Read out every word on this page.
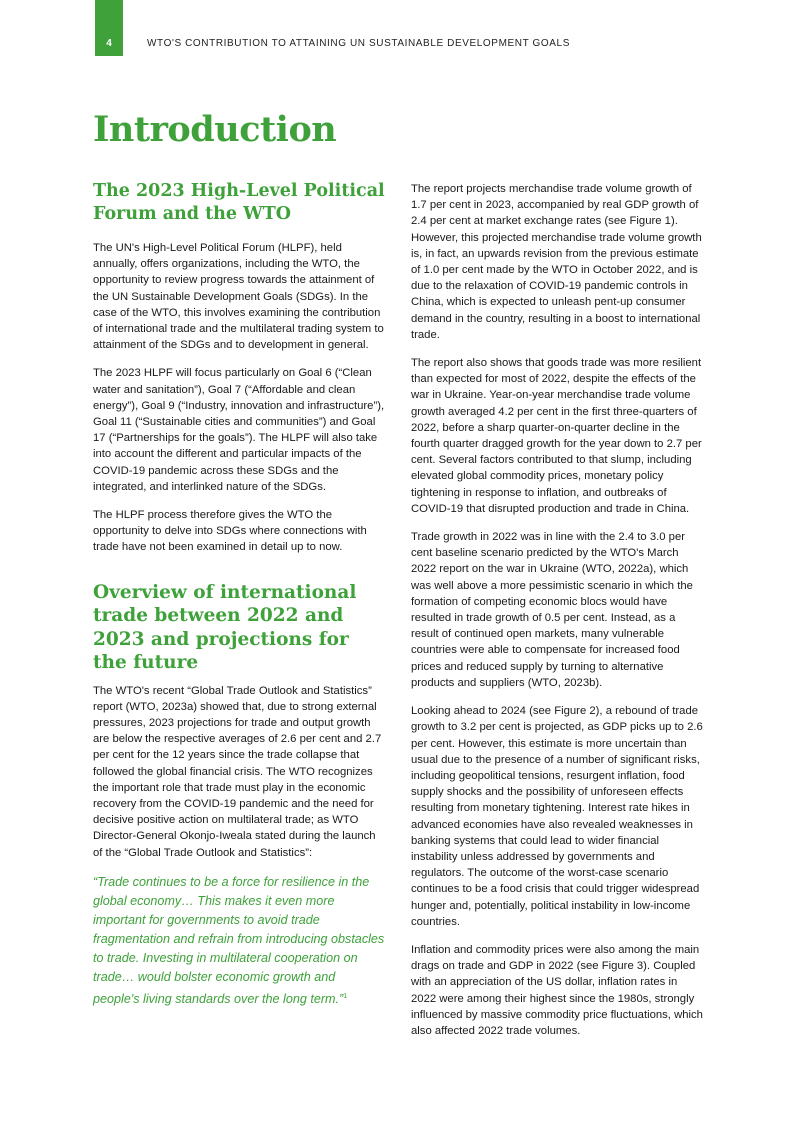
4	WTO'S CONTRIBUTION TO ATTAINING UN SUSTAINABLE DEVELOPMENT GOALS
Introduction
The 2023 High-Level Political Forum and the WTO

The UN's High-Level Political Forum (HLPF), held annually, offers organizations, including the WTO, the opportunity to review progress towards the attainment of the UN Sustainable Development Goals (SDGs). In the case of the WTO, this involves examining the contribution of international trade and the multilateral trading system to attainment of the SDGs and to development in general.

The 2023 HLPF will focus particularly on Goal 6 (“Clean water and sanitation”), Goal 7 (“Affordable and clean energy”), Goal 9 (“Industry, innovation and infrastructure”), Goal 11 (“Sustainable cities and communities”) and Goal 17 (“Partnerships for the goals”). The HLPF will also take into account the different and particular impacts of the COVID-19 pandemic across these SDGs and the integrated, and interlinked nature of the SDGs.

The HLPF process therefore gives the WTO the opportunity to delve into SDGs where connections with trade have not been examined in detail up to now.

Overview of international trade between 2022 and 2023 and projections for the future

The WTO's recent “Global Trade Outlook and Statistics” report (WTO, 2023a) showed that, due to strong external pressures, 2023 projections for trade and output growth are below the respective averages of 2.6 per cent and 2.7 per cent for the 12 years since the trade collapse that followed the global financial crisis. The WTO recognizes the important role that trade must play in the economic recovery from the COVID-19 pandemic and the need for decisive positive action on multilateral trade; as WTO Director-General Okonjo-Iweala stated during the launch of the “Global Trade Outlook and Statistics”:

“Trade continues to be a force for resilience in the global economy… This makes it even more important for governments to avoid trade fragmentation and refrain from introducing obstacles to trade. Investing in multilateral cooperation on trade… would bolster economic growth and people's living standards over the long term.”$^1$

The report projects merchandise trade volume growth of 1.7 per cent in 2023, accompanied by real GDP growth of 2.4 per cent at market exchange rates (see Figure 1). However, this projected merchandise trade volume growth is, in fact, an upwards revision from the previous estimate of 1.0 per cent made by the WTO in October 2022, and is due to the relaxation of COVID-19 pandemic controls in China, which is expected to unleash pent-up consumer demand in the country, resulting in a boost to international trade.

The report also shows that goods trade was more resilient than expected for most of 2022, despite the effects of the war in Ukraine. Year-on-year merchandise trade volume growth averaged 4.2 per cent in the first three-quarters of 2022, before a sharp quarter-on-quarter decline in the fourth quarter dragged growth for the year down to 2.7 per cent. Several factors contributed to that slump, including elevated global commodity prices, monetary policy tightening in response to inflation, and outbreaks of COVID-19 that disrupted production and trade in China.

Trade growth in 2022 was in line with the 2.4 to 3.0 per cent baseline scenario predicted by the WTO's March 2022 report on the war in Ukraine (WTO, 2022a), which was well above a more pessimistic scenario in which the formation of competing economic blocs would have resulted in trade growth of 0.5 per cent. Instead, as a result of continued open markets, many vulnerable countries were able to compensate for increased food prices and reduced supply by turning to alternative products and suppliers (WTO, 2023b).

Looking ahead to 2024 (see Figure 2), a rebound of trade growth to 3.2 per cent is projected, as GDP picks up to 2.6 per cent. However, this estimate is more uncertain than usual due to the presence of a number of significant risks, including geopolitical tensions, resurgent inflation, food supply shocks and the possibility of unforeseen effects resulting from monetary tightening. Interest rate hikes in advanced economies have also revealed weaknesses in banking systems that could lead to wider financial instability unless addressed by governments and regulators. The outcome of the worst-case scenario continues to be a food crisis that could trigger widespread hunger and, potentially, political instability in low-income countries.

Inflation and commodity prices were also among the main drags on trade and GDP in 2022 (see Figure 3). Coupled with an appreciation of the US dollar, inflation rates in 2022 were among their highest since the 1980s, strongly influenced by massive commodity price fluctuations, which also affected 2022 trade volumes.
